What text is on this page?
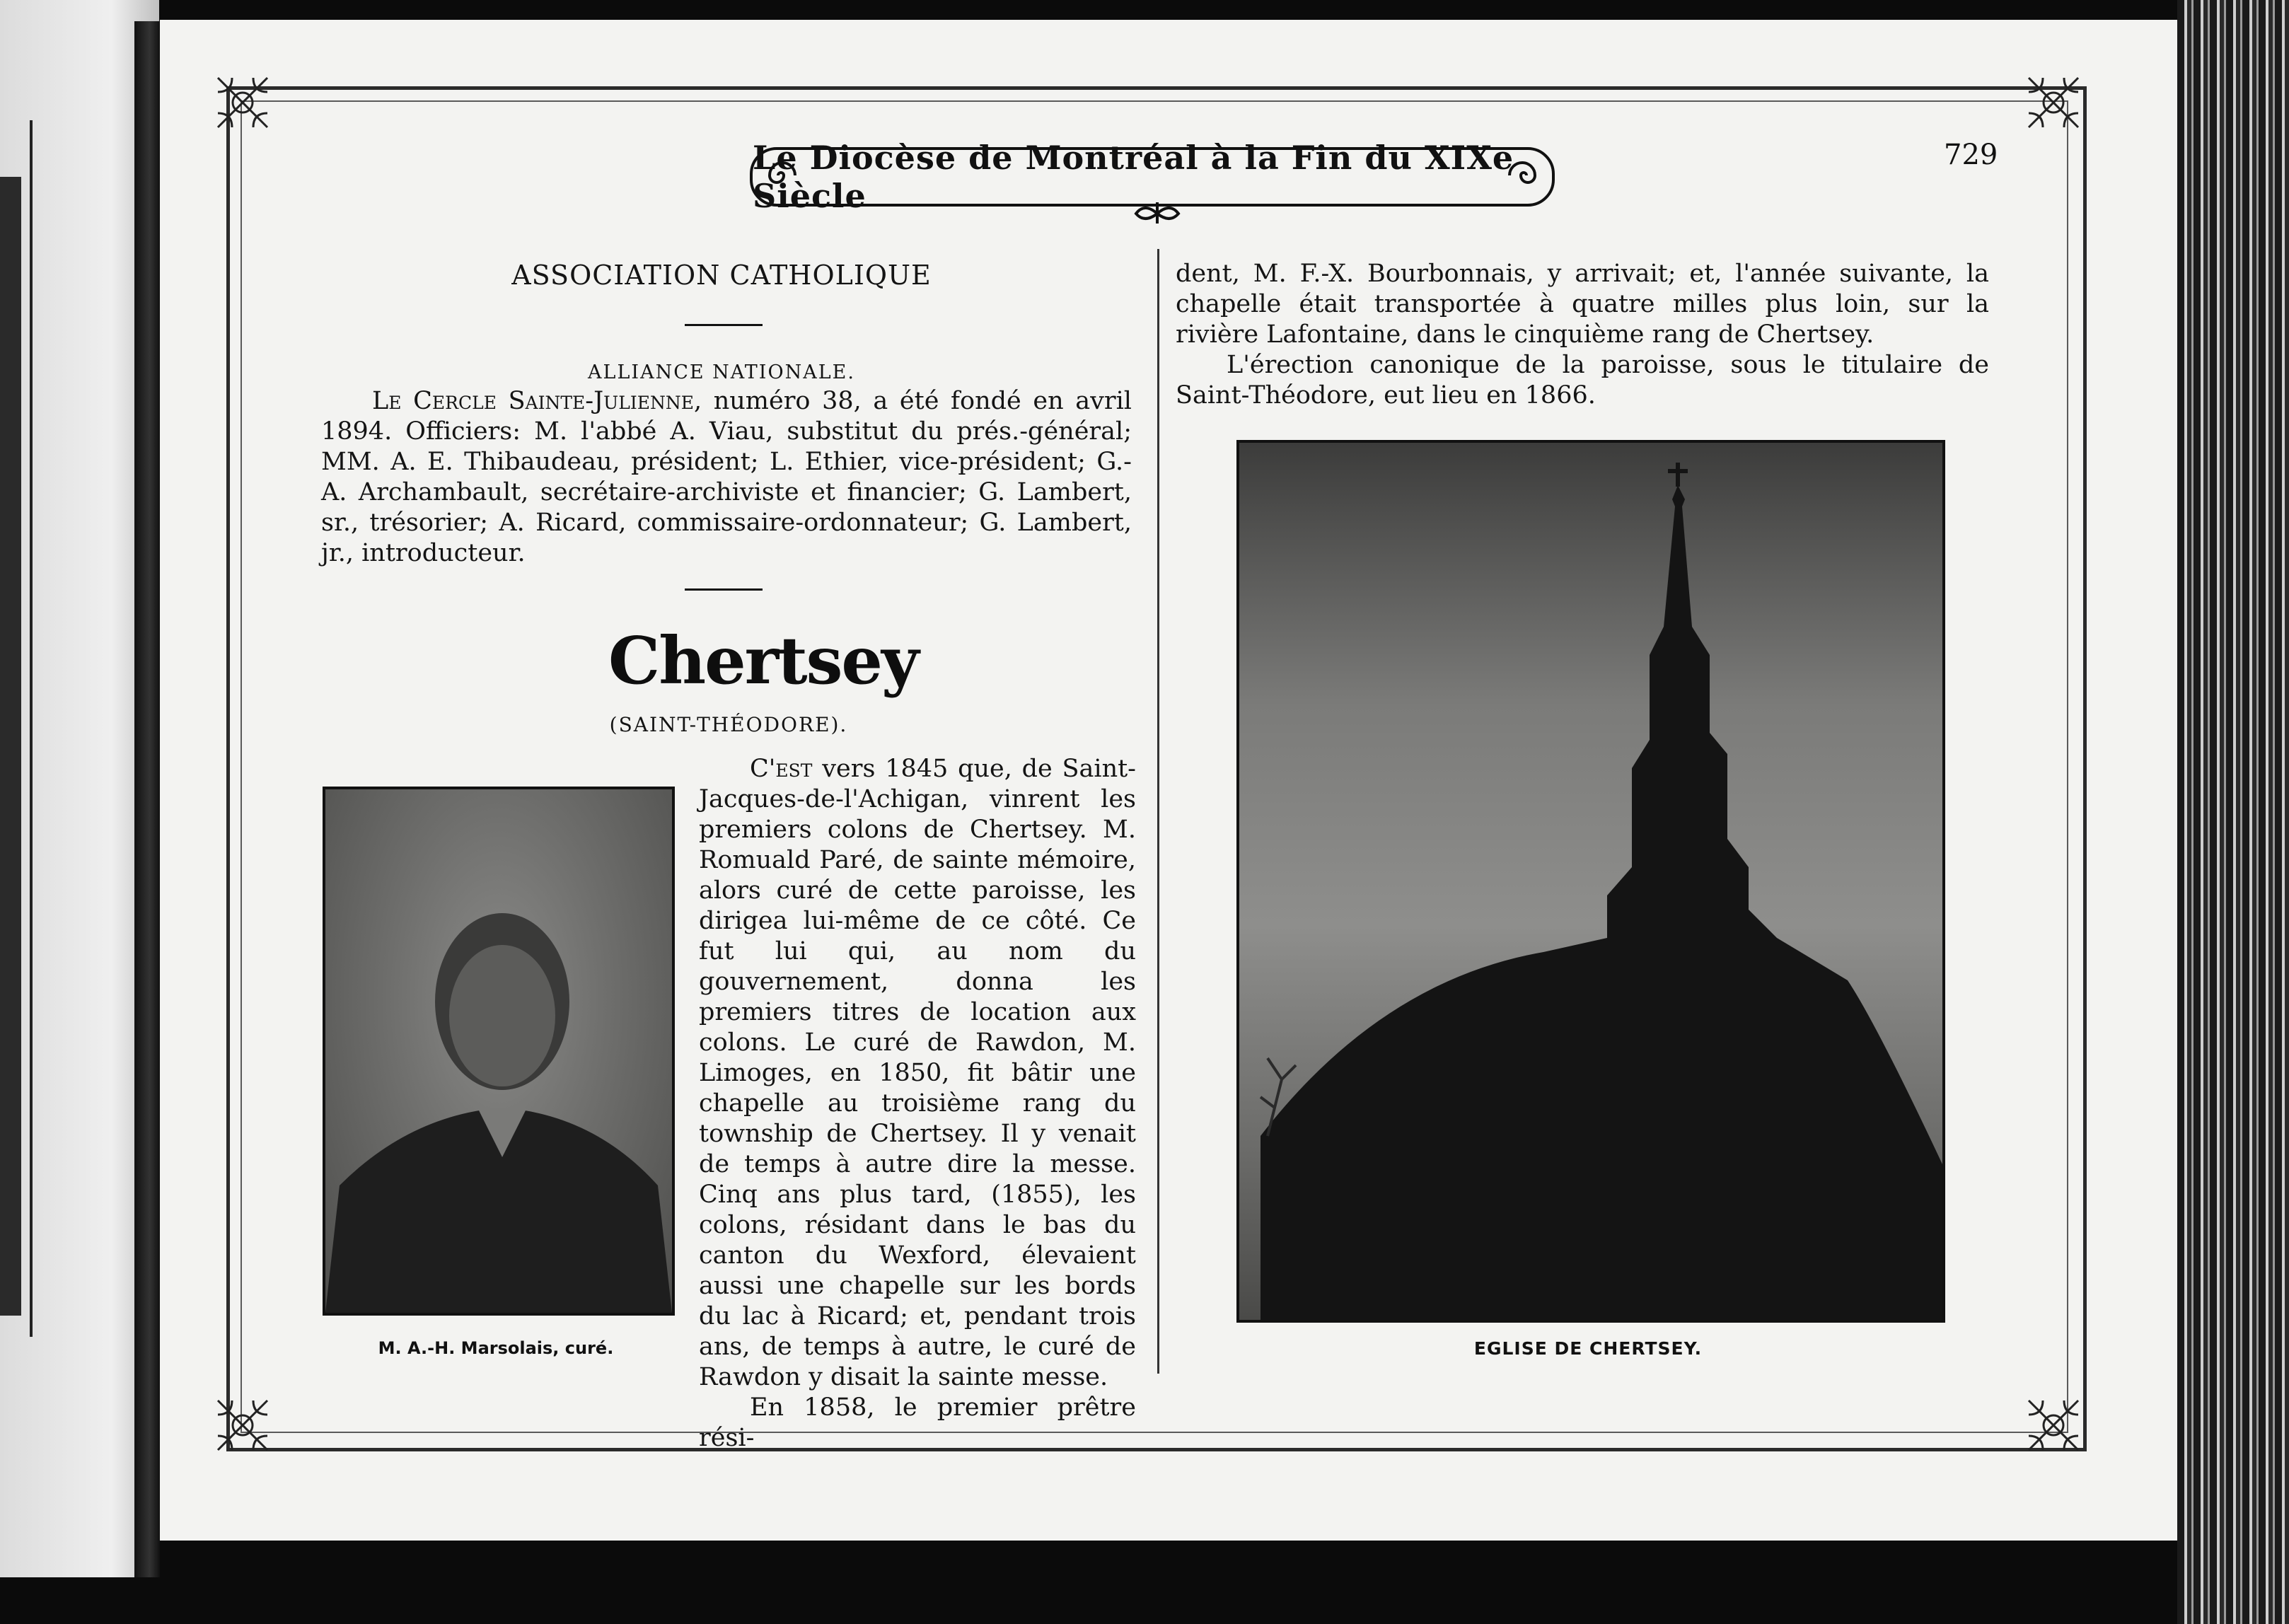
Le Diocèse de Montréal à la Fin du XIXe Siècle
729
ASSOCIATION CATHOLIQUE
ALLIANCE NATIONALE.

Le Cercle Sainte-Julienne, numéro 38, a été fondé en avril 1894. Officiers: M. l'abbé A. Viau, substitut du prés.-général; MM. A. E. Thibaudeau, président; L. Ethier, vice-président; G.-A. Archambault, secrétaire-archiviste et financier; G. Lambert, sr., trésorier; A. Ricard, commissaire-ordonnateur; G. Lambert, jr., introducteur.

Chertsey
(SAINT-THÉODORE).
M. A.-H. Marsolais, curé.

C'est vers 1845 que, de Saint-Jacques-de-l'Achigan, vinrent les premiers colons de Chertsey. M. Romuald Paré, de sainte mémoire, alors curé de cette paroisse, les dirigea lui-même de ce côté. Ce fut lui qui, au nom du gouvernement, donna les premiers titres de location aux colons. Le curé de Rawdon, M. Limoges, en 1850, fit bâtir une chapelle au troisième rang du township de Chertsey. Il y venait de temps à autre dire la messe. Cinq ans plus tard, (1855), les colons, résidant dans le bas du canton du Wexford, élevaient aussi une chapelle sur les bords du lac à Ricard; et, pendant trois ans, de temps à autre, le curé de Rawdon y disait la sainte messe.

En 1858, le premier prêtre rési-

dent, M. F.-X. Bourbonnais, y arrivait; et, l'année suivante, la chapelle était transportée à quatre milles plus loin, sur la rivière Lafontaine, dans le cinquième rang de Chertsey.

L'érection canonique de la paroisse, sous le titulaire de Saint-Théodore, eut lieu en 1866.

EGLISE DE CHERTSEY.
